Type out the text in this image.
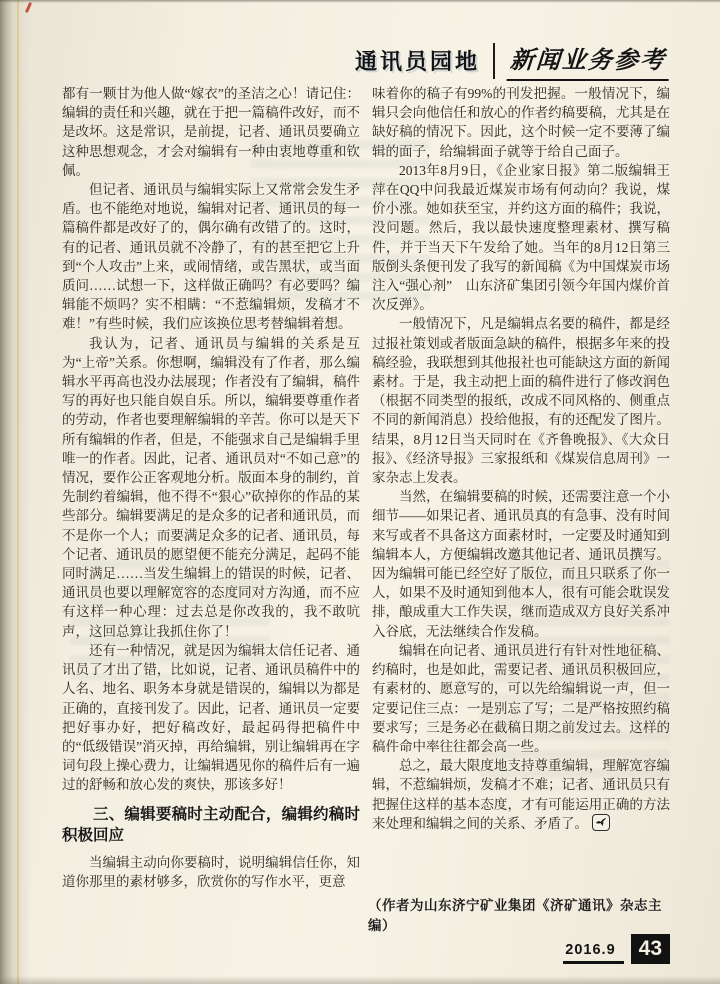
通讯员园地 新闻业务参考

都有一颗甘为他人做“嫁衣”的圣洁之心！请记住：编辑的责任和兴趣，就在于把一篇稿件改好，而不是改坏。这是常识，是前提，记者、通讯员要确立这种思想观念，才会对编辑有一种由衷地尊重和钦佩。

但记者、通讯员与编辑实际上又常常会发生矛盾。也不能绝对地说，编辑对记者、通讯员的每一篇稿件都是改好了的，偶尔确有改错了的。这时，有的记者、通讯员就不冷静了，有的甚至把它上升到“个人攻击”上来，或闹情绪，或告黑状，或当面质问……试想一下，这样做正确吗？有必要吗？编辑能不烦吗？实不相瞒：“不惹编辑烦，发稿才不难！”有些时候，我们应该换位思考替编辑着想。

我认为，记者、通讯员与编辑的关系是互为“上帝”关系。你想啊，编辑没有了作者，那么编辑水平再高也没办法展现；作者没有了编辑，稿件写的再好也只能自娱自乐。所以，编辑要尊重作者的劳动，作者也要理解编辑的辛苦。你可以是天下所有编辑的作者，但是，不能强求自己是编辑手里唯一的作者。因此，记者、通讯员对“不如己意”的情况，要作公正客观地分析。版面本身的制约，首先制约着编辑，他不得不“狠心”砍掉你的作品的某些部分。编辑要满足的是众多的记者和通讯员，而不是你一个人；而要满足众多的记者、通讯员，每个记者、通讯员的愿望便不能充分满足，起码不能同时满足……当发生编辑上的错误的时候，记者、通讯员也要以理解宽容的态度同对方沟通，而不应有这样一种心理：过去总是你改我的，我不敢吭声，这回总算让我抓住你了！

还有一种情况，就是因为编辑太信任记者、通讯员了才出了错，比如说，记者、通讯员稿件中的人名、地名、职务本身就是错误的，编辑以为都是正确的，直接刊发了。因此，记者、通讯员一定要把好事办好，把好稿改好，最起码得把稿件中的“低级错误”消灭掉，再给编辑，别让编辑再在字词句段上操心费力，让编辑遇见你的稿件后有一遍过的舒畅和放心发的爽快，那该多好！

三、编辑要稿时主动配合，编辑约稿时积极回应

当编辑主动向你要稿时，说明编辑信任你，知道你那里的素材够多，欣赏你的写作水平，更意

味着你的稿子有99%的刊发把握。一般情况下，编辑只会向他信任和放心的作者约稿要稿，尤其是在缺好稿的情况下。因此，这个时候一定不要薄了编辑的面子，给编辑面子就等于给自己面子。

2013年8月9日，《企业家日报》第二版编辑王萍在QQ中问我最近煤炭市场有何动向？我说，煤价小涨。她如获至宝，并约这方面的稿件；我说，没问题。然后，我以最快速度整理素材、撰写稿件，并于当天下午发给了她。当年的8月12日第三版倒头条便刊发了我写的新闻稿《为中国煤炭市场注入“强心剂”　山东济矿集团引领今年国内煤价首次反弹》。

一般情况下，凡是编辑点名要的稿件，都是经过报社策划或者版面急缺的稿件，根据多年来的投稿经验，我联想到其他报社也可能缺这方面的新闻素材。于是，我主动把上面的稿件进行了修改润色（根据不同类型的报纸，改成不同风格的、侧重点不同的新闻消息）投给他报，有的还配发了图片。结果，8月12日当天同时在《齐鲁晚报》、《大众日报》、《经济导报》三家报纸和《煤炭信息周刊》一家杂志上发表。

当然，在编辑要稿的时候，还需要注意一个小细节——如果记者、通讯员真的有急事、没有时间来写或者不具备这方面素材时，一定要及时通知到编辑本人，方便编辑改邀其他记者、通讯员撰写。因为编辑可能已经空好了版位，而且只联系了你一人，如果不及时通知到他本人，很有可能会耽误发排，酿成重大工作失误，继而造成双方良好关系冲入谷底，无法继续合作发稿。

编辑在向记者、通讯员进行有针对性地征稿、约稿时，也是如此，需要记者、通讯员积极回应，有素材的、愿意写的，可以先给编辑说一声，但一定要记住三点：一是别忘了写；二是严格按照约稿要求写；三是务必在截稿日期之前发过去。这样的稿件命中率往往都会高一些。

总之，最大限度地支持尊重编辑，理解宽容编辑，不惹编辑烦，发稿才不难；记者、通讯员只有把握住这样的基本态度，才有可能运用正确的方法来处理和编辑之间的关系、矛盾了。

（作者为山东济宁矿业集团《济矿通讯》杂志主编）

2016.9	43
